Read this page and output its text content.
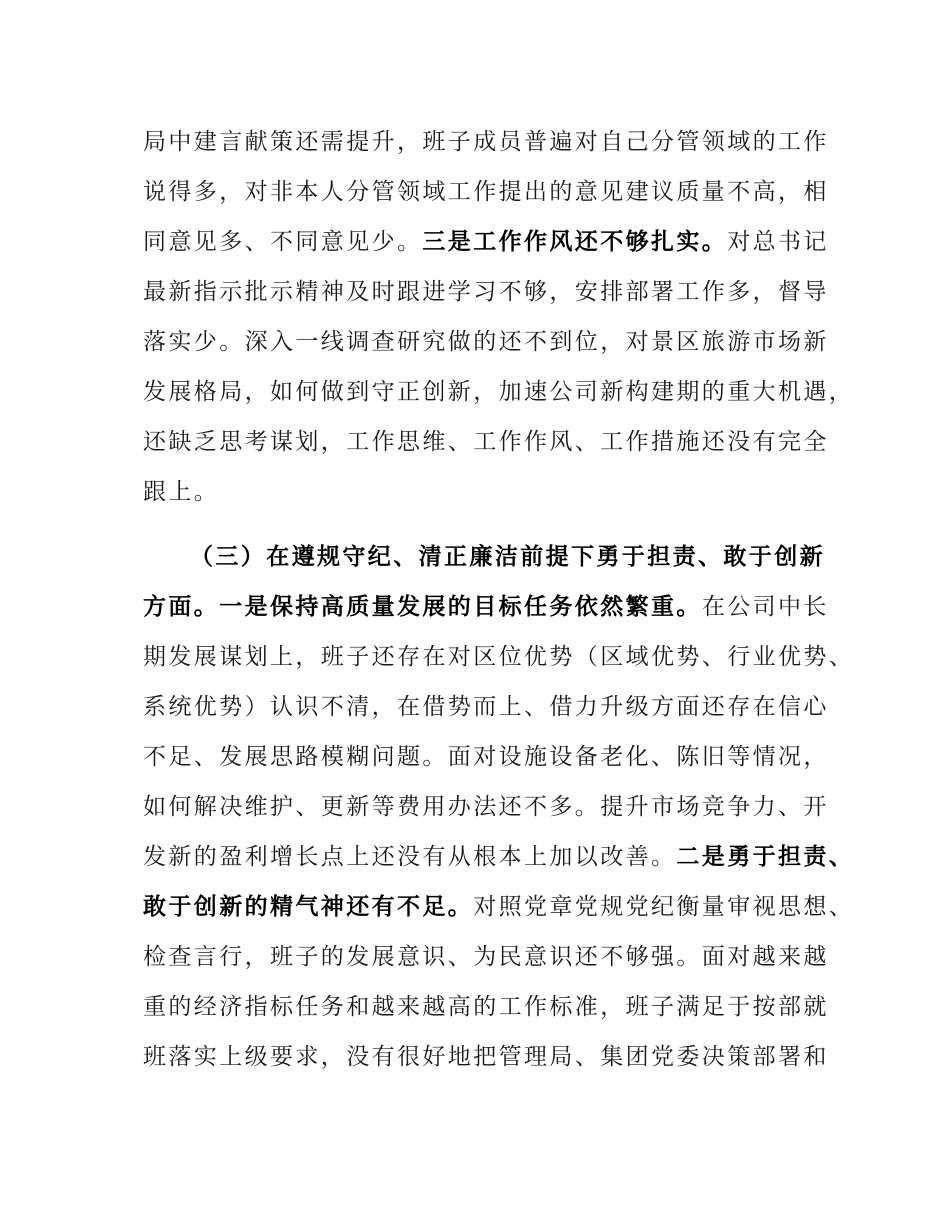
局中建言献策还需提升，班子成员普遍对自己分管领域的工作
说得多，对非本人分管领域工作提出的意见建议质量不高，相
同意见多、不同意见少。三是工作作风还不够扎实。对总书记
最新指示批示精神及时跟进学习不够，安排部署工作多，督导
落实少。深入一线调查研究做的还不到位，对景区旅游市场新
发展格局，如何做到守正创新，加速公司新构建期的重大机遇，
还缺乏思考谋划，工作思维、工作作风、工作措施还没有完全
跟上。
（三）在遵规守纪、清正廉洁前提下勇于担责、敢于创新
方面。一是保持高质量发展的目标任务依然繁重。在公司中长
期发展谋划上，班子还存在对区位优势（区域优势、行业优势、
系统优势）认识不清，在借势而上、借力升级方面还存在信心
不足、发展思路模糊问题。面对设施设备老化、陈旧等情况，
如何解决维护、更新等费用办法还不多。提升市场竞争力、开
发新的盈利增长点上还没有从根本上加以改善。二是勇于担责、
敢于创新的精气神还有不足。对照党章党规党纪衡量审视思想、
检查言行，班子的发展意识、为民意识还不够强。面对越来越
重的经济指标任务和越来越高的工作标准，班子满足于按部就
班落实上级要求，没有很好地把管理局、集团党委决策部署和
